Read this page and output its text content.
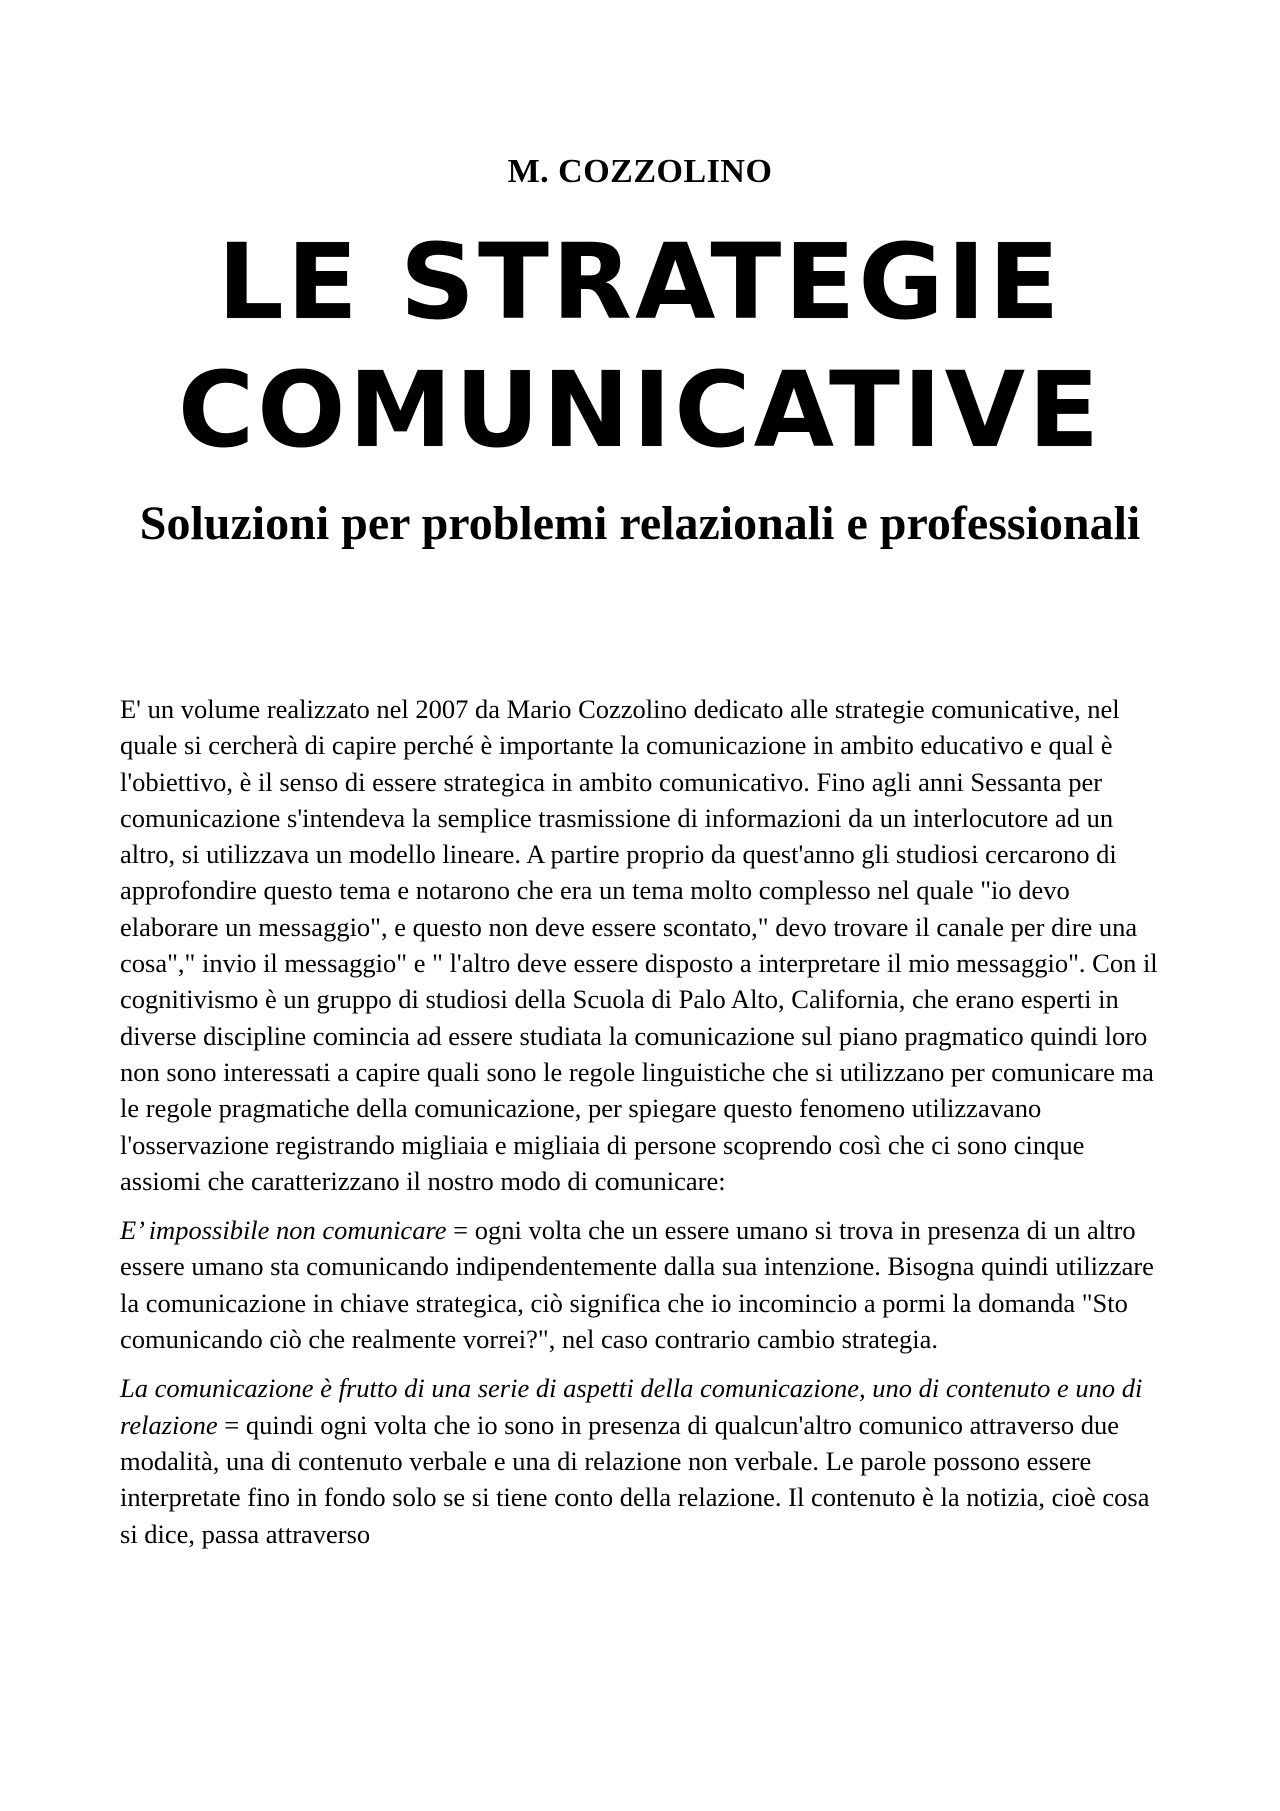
M. COZZOLINO
LE STRATEGIE
COMUNICATIVE
Soluzioni per problemi relazionali e professionali

E' un volume realizzato nel 2007 da Mario Cozzolino dedicato alle strategie comunicative, nel quale si cercherà di capire perché è importante la comunicazione in ambito educativo e qual è l'obiettivo, è il senso di essere strategica in ambito comunicativo. Fino agli anni Sessanta per comunicazione s'intendeva la semplice trasmissione di informazioni da un interlocutore ad un altro, si utilizzava un modello lineare. A partire proprio da quest'anno gli studiosi cercarono di approfondire questo tema e notarono che era un tema molto complesso nel quale "io devo elaborare un messaggio", e questo non deve essere scontato," devo trovare il canale per dire una cosa"," invio il messaggio" e " l'altro deve essere disposto a interpretare il mio messaggio". Con il cognitivismo è un gruppo di studiosi della Scuola di Palo Alto, California, che erano esperti in diverse discipline comincia ad essere studiata la comunicazione sul piano pragmatico quindi loro non sono interessati a capire quali sono le regole linguistiche che si utilizzano per comunicare ma le regole pragmatiche della comunicazione, per spiegare questo fenomeno utilizzavano l'osservazione registrando migliaia e migliaia di persone scoprendo così che ci sono cinque assiomi che caratterizzano il nostro modo di comunicare:

E’ impossibile non comunicare = ogni volta che un essere umano si trova in presenza di un altro essere umano sta comunicando indipendentemente dalla sua intenzione. Bisogna quindi utilizzare la comunicazione in chiave strategica, ciò significa che io incomincio a pormi la domanda "Sto comunicando ciò che realmente vorrei?", nel caso contrario cambio strategia.

La comunicazione è frutto di una serie di aspetti della comunicazione, uno di contenuto e uno di relazione = quindi ogni volta che io sono in presenza di qualcun'altro comunico attraverso due modalità, una di contenuto verbale e una di relazione non verbale. Le parole possono essere interpretate fino in fondo solo se si tiene conto della relazione. Il contenuto è la notizia, cioè cosa si dice, passa attraverso
